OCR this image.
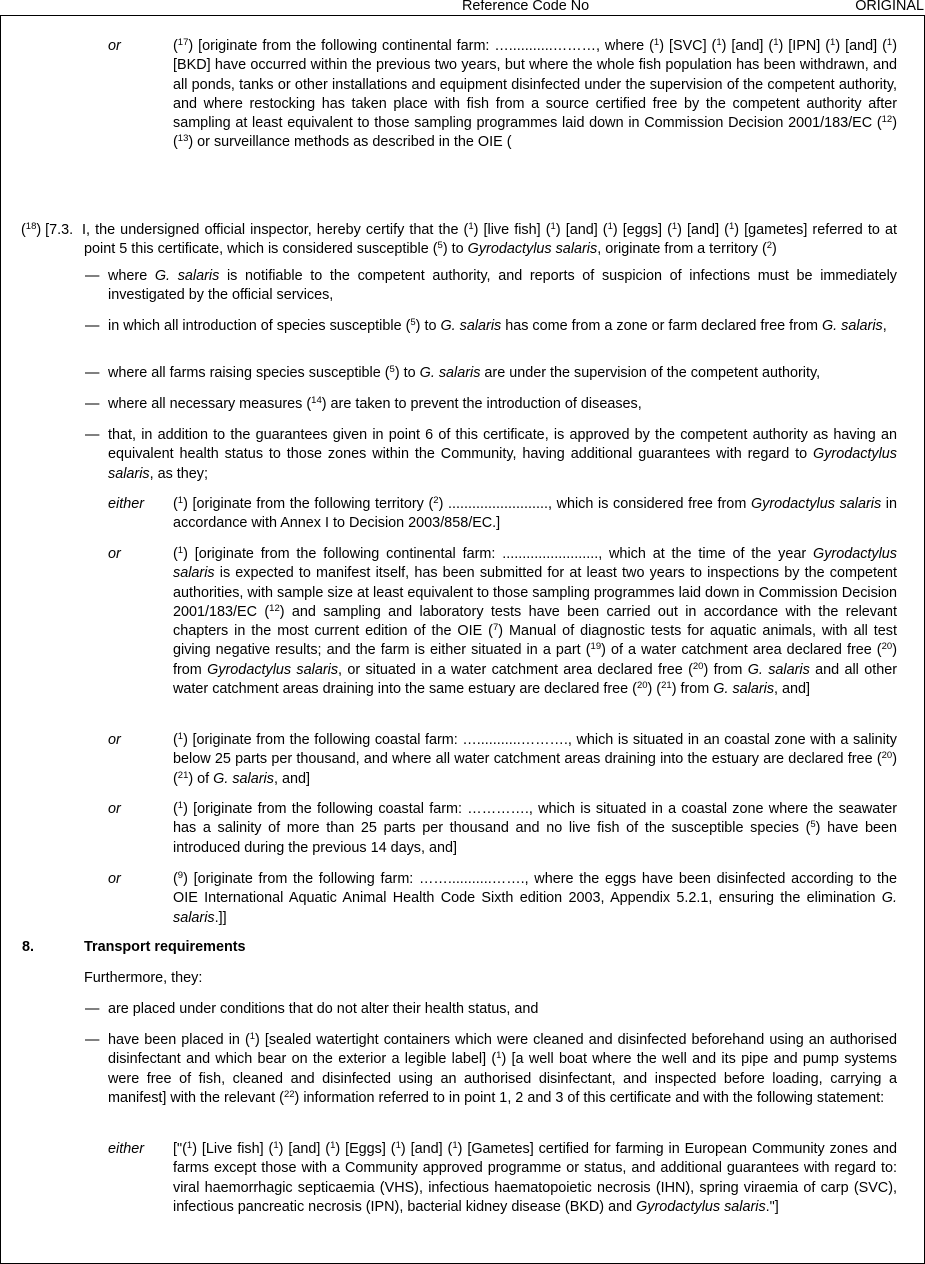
Reference Code No	ORIGINAL
or	($^{17}$) [originate from the following continental farm: …...........………, where ($^1$) [SVC] ($^1$) [and] ($^1$) [IPN] ($^1$) [and] ($^1$) [BKD] have occurred within the previous two years, but where the whole fish population has been withdrawn, and all ponds, tanks or other installations and equipment disinfected under the supervision of the competent authority, and where restocking has taken place with fish from a source certified free by the competent authority after sampling at least equivalent to those sampling programmes laid down in Commission Decision 2001/183/EC ($^{12}$) ($^{13}$) or surveillance methods as described in the OIE (
($^{18}$) [7.3. I, the undersigned official inspector, hereby certify that the ($^1$) [live fish] ($^1$) [and] ($^1$) [eggs] ($^1$) [and] ($^1$) [gametes] referred to at point 5 this certificate, which is considered susceptible ($^5$) to Gyrodactylus salaris, originate from a territory ($^2$)
— where G. salaris is notifiable to the competent authority, and reports of suspicion of infections must be immediately investigated by the official services,
— in which all introduction of species susceptible ($^5$) to G. salaris has come from a zone or farm declared free from G. salaris,
— where all farms raising species susceptible ($^5$) to G. salaris are under the supervision of the competent authority,
— where all necessary measures ($^{14}$) are taken to prevent the introduction of diseases,
— that, in addition to the guarantees given in point 6 of this certificate, is approved by the competent authority as having an equivalent health status to those zones within the Community, having additional guarantees with regard to Gyrodactylus salaris, as they;
either ($^1$) [originate from the following territory ($^2$) ........................., which is considered free from Gyrodactylus salaris in accordance with Annex I to Decision 2003/858/EC.]
or	($^1$) [originate from the following continental farm: ........................, which at the time of the year Gyrodactylus salaris is expected to manifest itself, has been submitted for at least two years to inspections by the competent authorities, with sample size at least equivalent to those sampling programmes laid down in Commission Decision 2001/183/EC ($^{12}$) and sampling and laboratory tests have been carried out in accordance with the relevant chapters in the most current edition of the OIE ($^7$) Manual of diagnostic tests for aquatic animals, with all test giving negative results; and the farm is either situated in a part ($^{19}$) of a water catchment area declared free ($^{20}$) from Gyrodactylus salaris, or situated in a water catchment area declared free ($^{20}$) from G. salaris and all other water catchment areas draining into the same estuary are declared free ($^{20}$) ($^{21}$) from G. salaris, and]
or	($^1$) [originate from the following coastal farm: …...........………., which is situated in an coastal zone with a salinity below 25 parts per thousand, and where all water catchment areas draining into the estuary are declared free ($^{20}$) ($^{21}$) of G. salaris, and]
or	($^1$) [originate from the following coastal farm: …………., which is situated in a coastal zone where the seawater has a salinity of more than 25 parts per thousand and no live fish of the susceptible species ($^5$) have been introduced during the previous 14 days, and]
or	($^9$) [originate from the following farm: ……...........……., where the eggs have been disinfected according to the OIE International Aquatic Animal Health Code Sixth edition 2003, Appendix 5.2.1, ensuring the elimination G. salaris.]]
8.	Transport requirements
Furthermore, they:
— are placed under conditions that do not alter their health status, and
— have been placed in ($^1$) [sealed watertight containers which were cleaned and disinfected beforehand using an authorised disinfectant and which bear on the exterior a legible label] ($^1$) [a well boat where the well and its pipe and pump systems were free of fish, cleaned and disinfected using an authorised disinfectant, and inspected before loading, carrying a manifest] with the relevant ($^{22}$) information referred to in point 1, 2 and 3 of this certificate and with the following statement:
either ["($^1$) [Live fish] ($^1$) [and] ($^1$) [Eggs] ($^1$) [and] ($^1$) [Gametes] certified for farming in European Community zones and farms except those with a Community approved programme or status, and additional guarantees with regard to: viral haemorrhagic septicaemia (VHS), infectious haematopoietic necrosis (IHN), spring viraemia of carp (SVC), infectious pancreatic necrosis (IPN), bacterial kidney disease (BKD) and Gyrodactylus salaris."]
